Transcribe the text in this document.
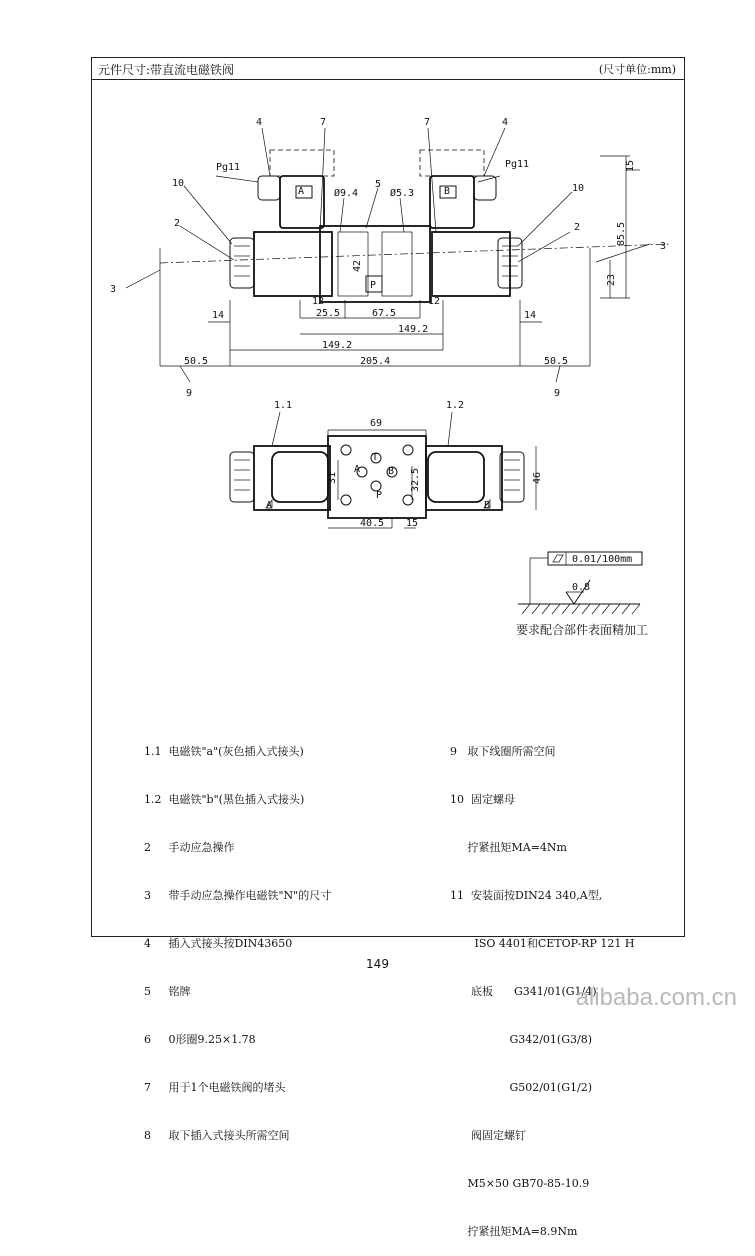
元件尺寸:带直流电磁铁阀	(尺寸单位:mm)
4	7	7	4
Pg11	Pg11
10	10
2	2
3
3
5
Ø9.4	Ø5.3
A	B
P
42
15
85.5
23
12
25.5	67.5
12
149.2
14	14
149.2
205.4
50.5	50.5
9	9
1.1	1.2
69
T
A	B
P
31	32.5	46
40.5 15
A	B
0.01/100mm
0.8
要求配合部件表面精加工

1.1  电磁铁"a"(灰色插入式接头)

1.2  电磁铁"b"(黑色插入式接头)

2     手动应急操作

3     带手动应急操作电磁铁"N"的尺寸

4     插入式接头按DIN43650

5     铭牌

6     0形圈9.25×1.78

7     用于1个电磁铁阀的堵头

8     取下插入式接头所需空间

9   取下线圈所需空间

10  固定螺母

拧紧扭矩MA=4Nm

11  安装面按DIN24 340,A型,

ISO 4401和CETOP-RP 121 H

底板      G341/01(G1/4)

G342/01(G3/8)

G502/01(G1/2)

阀固定螺钉

M5×50 GB70-85-10.9

拧紧扭矩MA=8.9Nm

149
alibaba.com.cn
